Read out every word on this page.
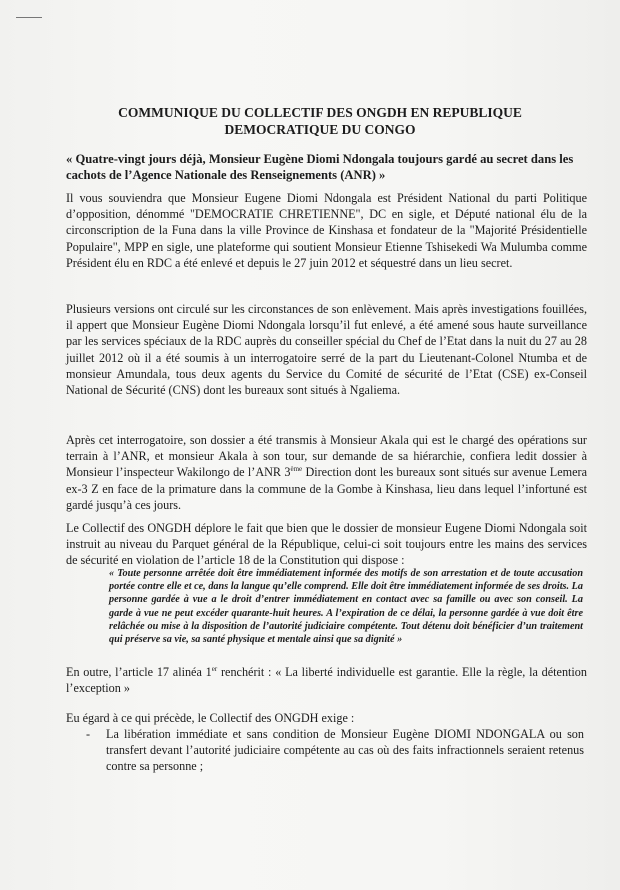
COMMUNIQUE DU COLLECTIF DES ONGDH EN REPUBLIQUE DEMOCRATIQUE DU CONGO
« Quatre-vingt jours déjà, Monsieur Eugène Diomi Ndongala toujours gardé au secret dans les cachots de l’Agence Nationale des Renseignements (ANR) »
Il vous souviendra que Monsieur Eugene Diomi Ndongala est Président National du parti Politique d’opposition, dénommé "DEMOCRATIE CHRETIENNE", DC en sigle, et Député national élu de la circonscription de la Funa dans la ville Province de Kinshasa et fondateur de la "Majorité Présidentielle Populaire", MPP en sigle, une plateforme qui soutient Monsieur Etienne Tshisekedi Wa Mulumba comme Président élu en RDC a été enlevé et depuis le 27 juin 2012 et séquestré dans un lieu secret.
Plusieurs versions ont circulé sur les circonstances de son enlèvement. Mais après investigations fouillées, il appert que Monsieur Eugène Diomi Ndongala lorsqu’il fut enlevé, a été amené sous haute surveillance par les services spéciaux de la RDC auprès du conseiller spécial du Chef de l’Etat dans la nuit du 27 au 28 juillet 2012 où il a été soumis à un interrogatoire serré de la part du Lieutenant-Colonel Ntumba et de monsieur Amundala, tous deux agents du Service du Comité de sécurité de l’Etat (CSE) ex-Conseil National de Sécurité (CNS) dont les bureaux sont situés à Ngaliema.
Après cet interrogatoire, son dossier a été transmis à Monsieur Akala qui est le chargé des opérations sur terrain à l’ANR, et monsieur Akala à son tour, sur demande de sa hiérarchie, confiera ledit dossier à Monsieur l’inspecteur Wakilongo de l’ANR 3ème Direction dont les bureaux sont situés sur avenue Lemera ex-3 Z en face de la primature dans la commune de la Gombe à Kinshasa, lieu dans lequel l’infortuné est gardé jusqu’à ces jours.
Le Collectif des ONGDH déplore le fait que bien que le dossier de monsieur Eugene Diomi Ndongala soit instruit au niveau du Parquet général de la République, celui-ci soit toujours entre les mains des services de sécurité en violation de l’article 18 de la Constitution qui dispose :
« Toute personne arrêtée doit être immédiatement informée des motifs de son arrestation et de toute accusation portée contre elle et ce, dans la langue qu’elle comprend. Elle doit être immédiatement informée de ses droits. La personne gardée à vue a le droit d’entrer immédiatement en contact avec sa famille ou avec son conseil. La garde à vue ne peut excéder quarante-huit heures. A l’expiration de ce délai, la personne gardée à vue doit être relâchée ou mise à la disposition de l’autorité judiciaire compétente. Tout détenu doit bénéficier d’un traitement qui préserve sa vie, sa santé physique et mentale ainsi que sa dignité »
En outre, l’article 17 alinéa 1er renchérit : « La liberté individuelle est garantie. Elle la règle, la détention l’exception »
Eu égard à ce qui précède, le Collectif des ONGDH exige :
-	La libération immédiate et sans condition de Monsieur Eugène DIOMI NDONGALA ou son transfert devant l’autorité judiciaire compétente au cas où des faits infractionnels seraient retenus contre sa personne ;
